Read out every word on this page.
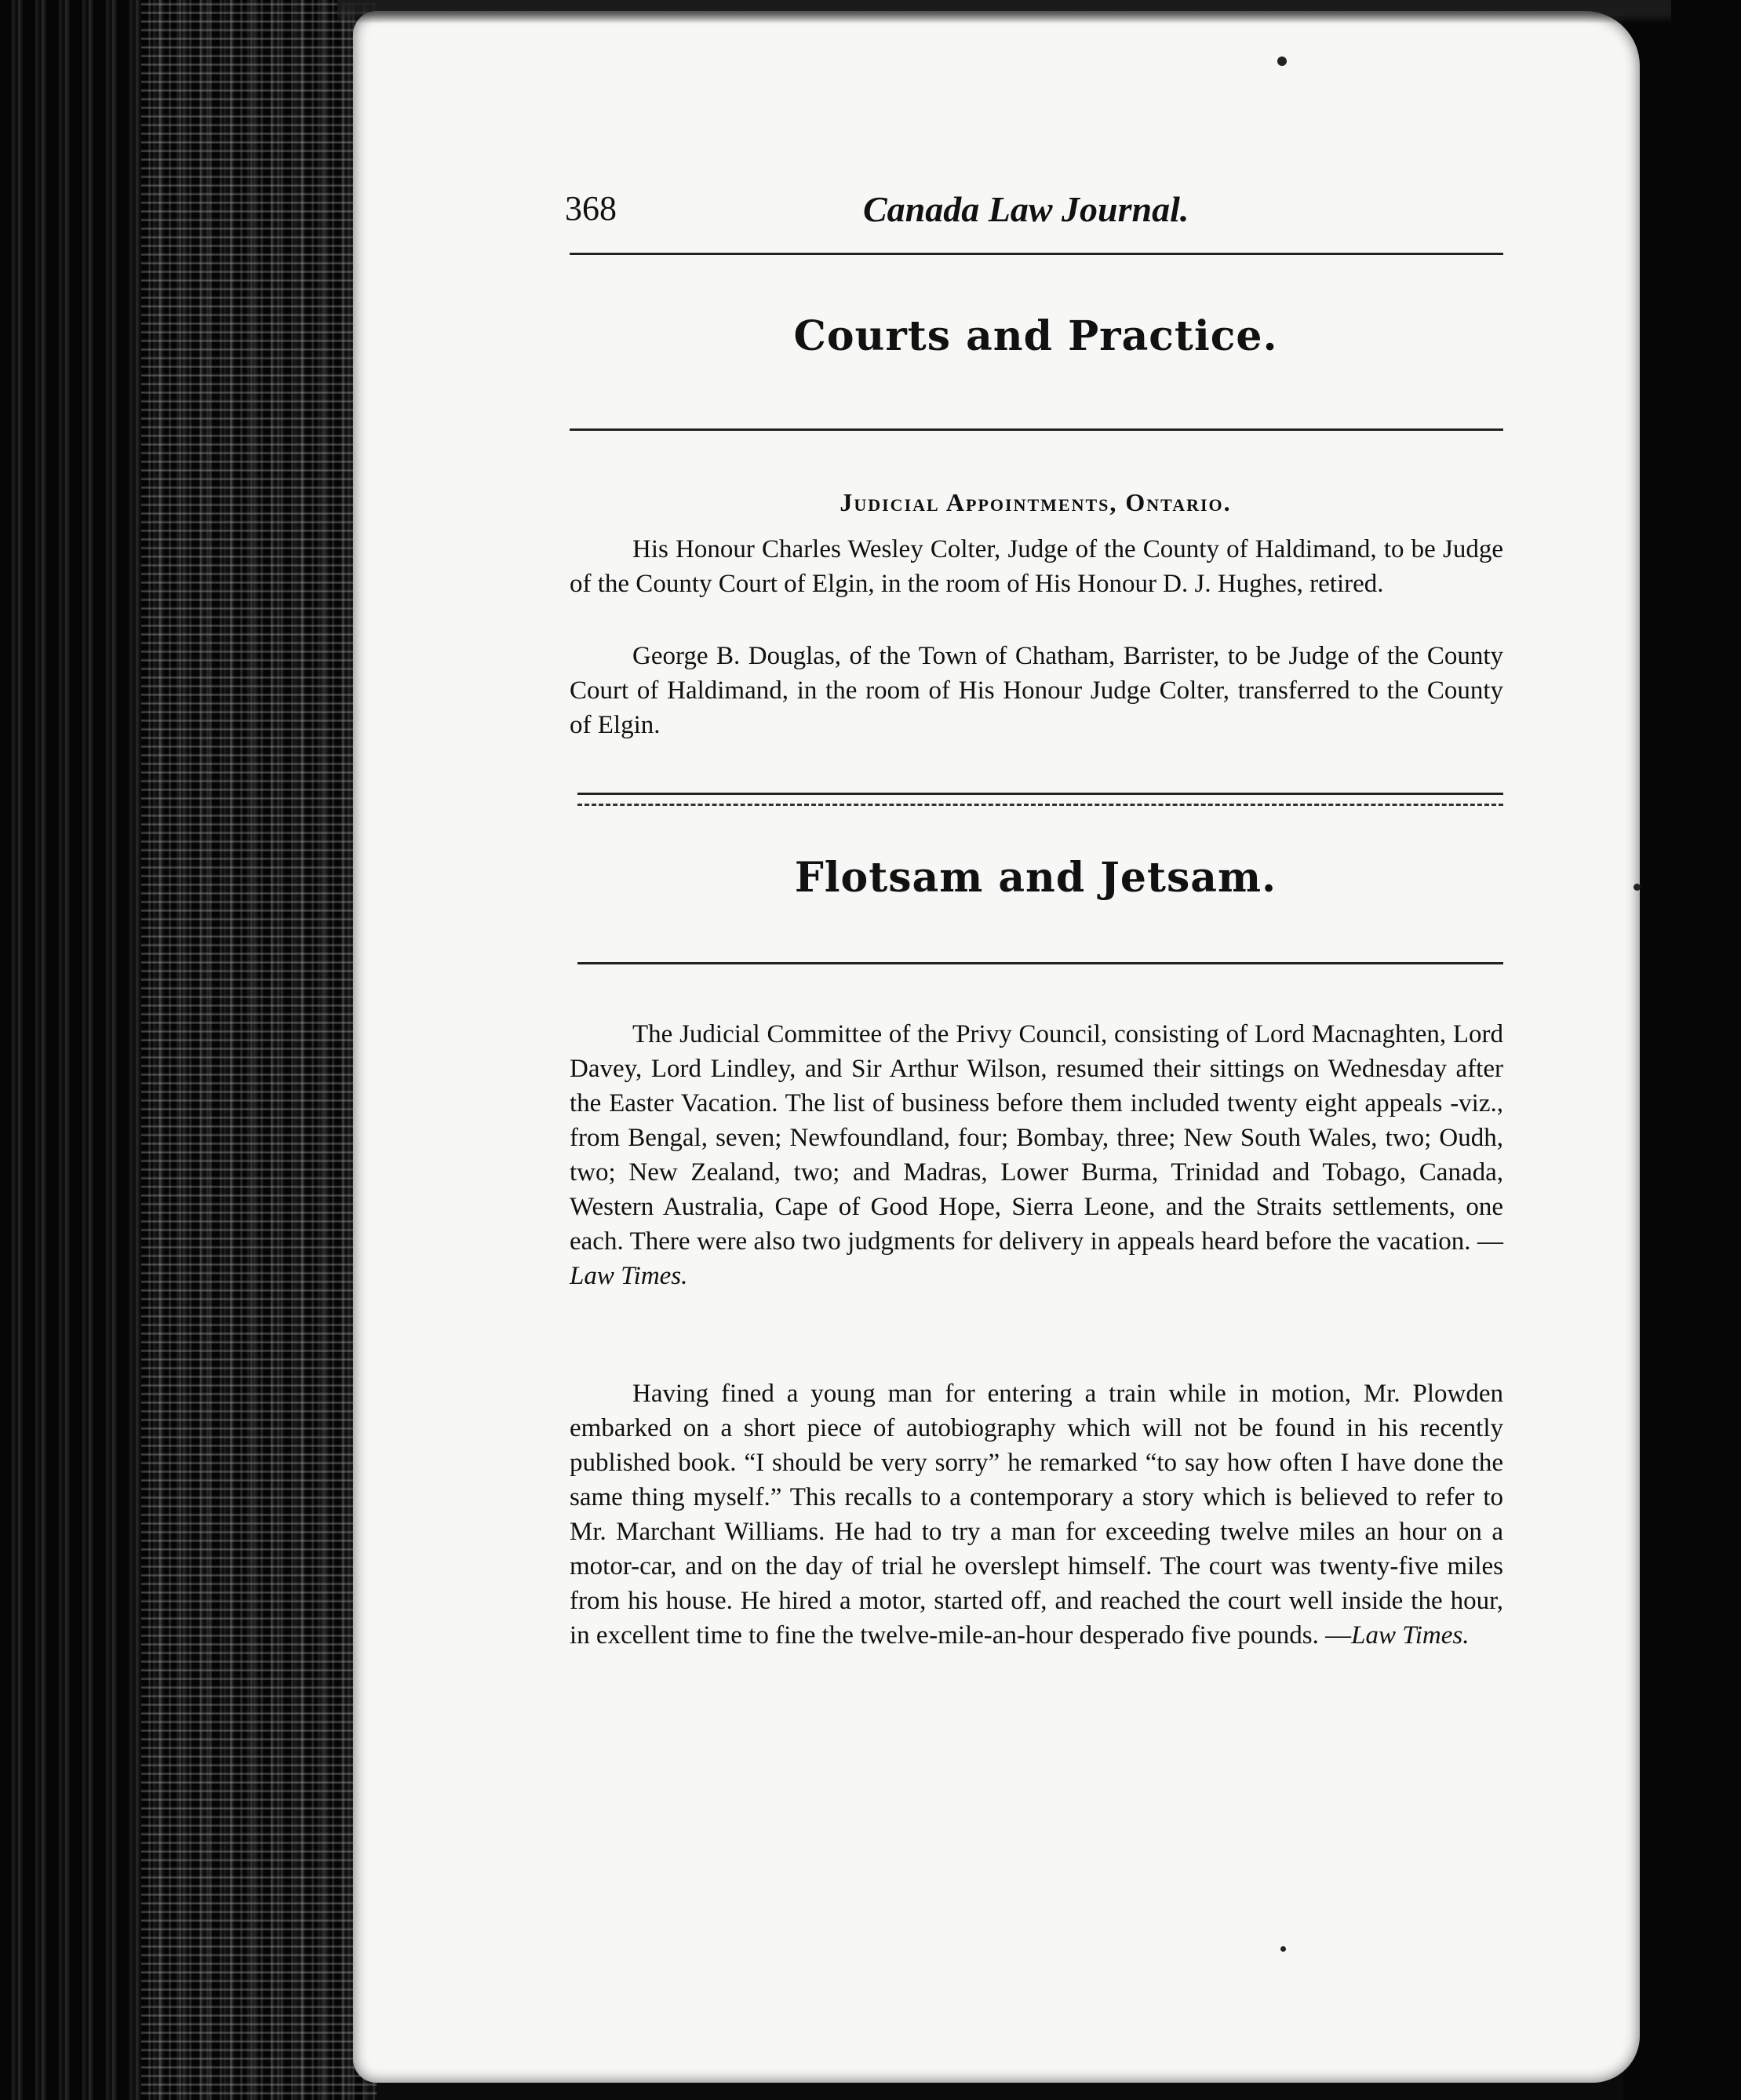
368	Canada Law Journal.
Courts and Practice.
Judicial Appointments, Ontario.

His Honour Charles Wesley Colter, Judge of the County of Haldimand, to be Judge of the County Court of Elgin, in the room of His Honour D. J. Hughes, retired.

George B. Douglas, of the Town of Chatham, Barrister, to be Judge of the County Court of Haldimand, in the room of His Honour Judge Colter, transferred to the County of Elgin.

Flotsam and Jetsam.

The Judicial Committee of the Privy Council, consisting of Lord Macnaghten, Lord Davey, Lord Lindley, and Sir Arthur Wilson, resumed their sittings on Wednesday after the Easter Vacation. The list of business before them included twenty eight appeals -viz., from Bengal, seven; Newfoundland, four; Bombay, three; New South Wales, two; Oudh, two; New Zealand, two; and Madras, Lower Burma, Trinidad and Tobago, Canada, Western Australia, Cape of Good Hope, Sierra Leone, and the Straits settlements, one each. There were also two judgments for delivery in appeals heard before the vacation. —Law Times.

Having fined a young man for entering a train while in motion, Mr. Plowden embarked on a short piece of autobiography which will not be found in his recently published book. “I should be very sorry” he remarked “to say how often I have done the same thing myself.” This recalls to a contemporary a story which is believed to refer to Mr. Marchant Williams. He had to try a man for exceeding twelve miles an hour on a motor-car, and on the day of trial he overslept himself. The court was twenty-five miles from his house. He hired a motor, started off, and reached the court well inside the hour, in excellent time to fine the twelve-mile-an-hour desperado five pounds. —Law Times.
